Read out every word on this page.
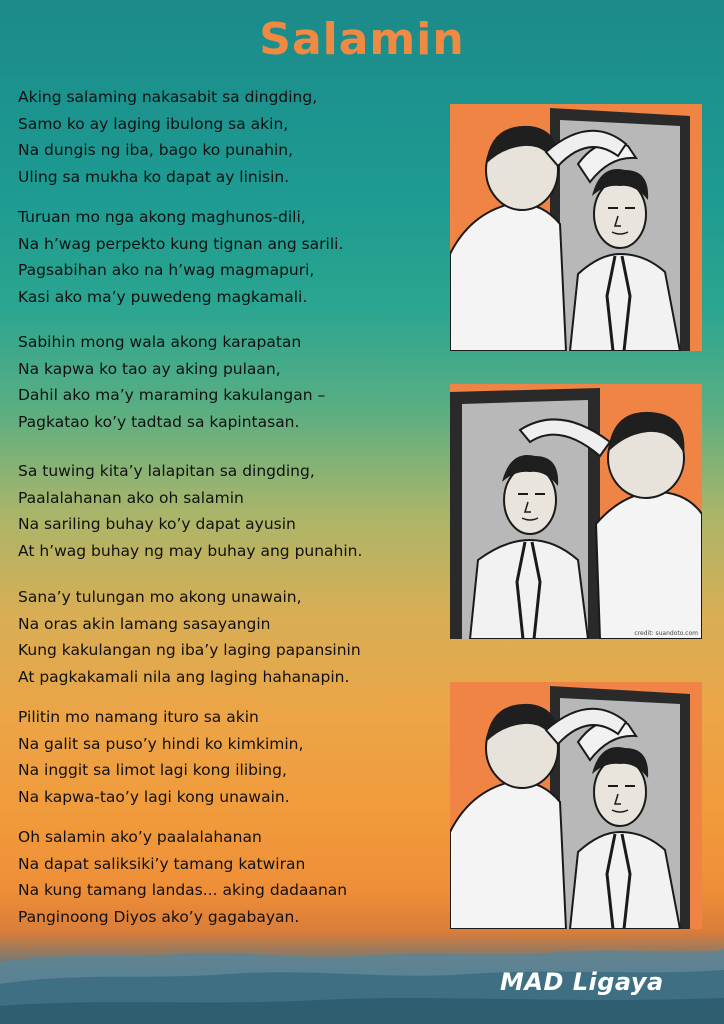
Salamin
Aking salaming nakasabit sa dingding,
Samo ko ay laging ibulong sa akin,
Na dungis ng iba, bago ko punahin,
Uling sa mukha ko dapat ay linisin.
Turuan mo nga akong maghunos-dili,
Na h’wag perpekto kung tignan ang sarili.
Pagsabihan ako na h’wag magmapuri,
Kasi ako ma’y puwedeng magkamali.
Sabihin mong wala akong karapatan
Na kapwa ko tao ay aking pulaan,
Dahil ako ma’y maraming kakulangan –
Pagkatao ko’y tadtad sa kapintasan.
Sa tuwing kita’y lalapitan sa dingding,
Paalalahanan ako oh salamin
Na sariling buhay ko’y dapat ayusin
At h’wag buhay ng may buhay ang punahin.
Sana’y tulungan mo akong unawain,
Na oras akin lamang sasayangin
Kung kakulangan ng iba’y laging papansinin
At pagkakamali nila ang laging hahanapin.
Pilitin mo namang ituro sa akin
Na galit sa puso’y hindi ko kimkimin,
Na inggit sa limot lagi kong ilibing,
Na kapwa-tao’y lagi kong unawain.
Oh salamin ako’y paalalahanan
Na dapat saliksiki’y tamang katwiran
Na kung tamang landas... aking dadaanan
Panginoong Diyos ako’y gagabayan.
credit: suandoto.com
MAD Ligaya
